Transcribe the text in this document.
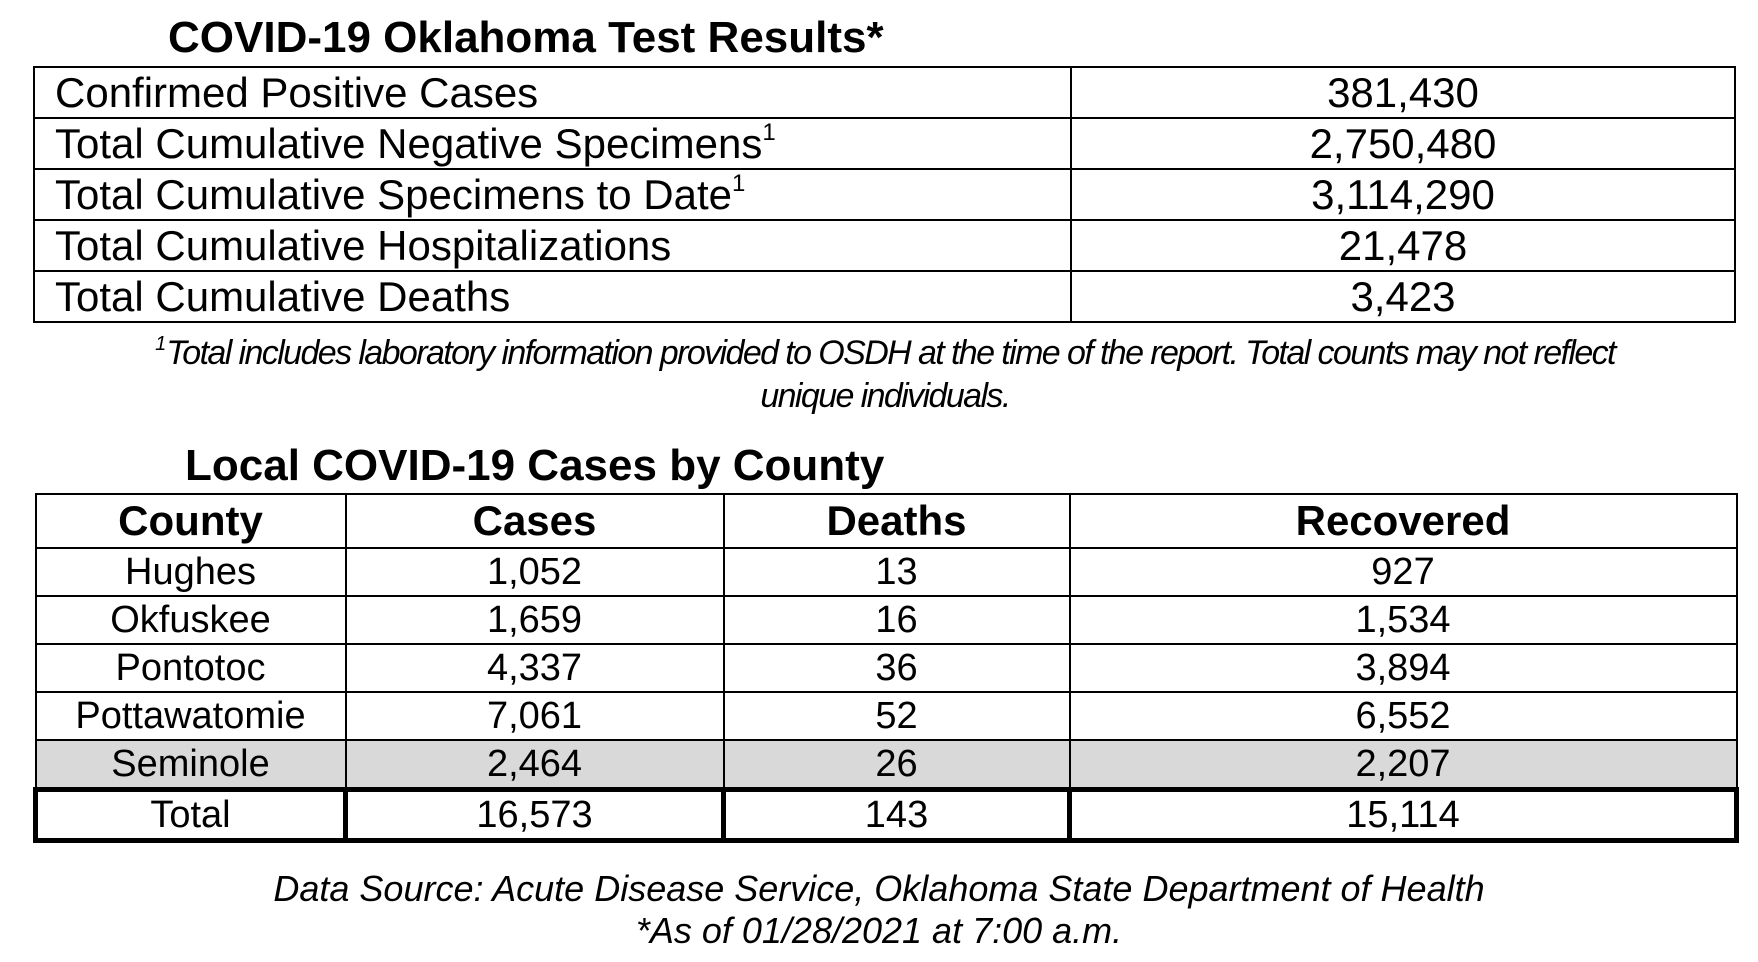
COVID-19 Oklahoma Test Results*
Confirmed Positive Cases	381,430
Total Cumulative Negative Specimens$^1$	2,750,480
Total Cumulative Specimens to Date$^1$	3,114,290
Total Cumulative Hospitalizations	21,478
Total Cumulative Deaths	3,423
$^1$Total includes laboratory information provided to OSDH at the time of the report. Total counts may not reflect
unique individuals.
Local COVID-19 Cases by County
County	Cases	Deaths	Recovered
Hughes	1,052	13	927
Okfuskee	1,659	16	1,534
Pontotoc	4,337	36	3,894
Pottawatomie	7,061	52	6,552
Seminole	2,464	26	2,207
Total	16,573	143	15,114
Data Source: Acute Disease Service, Oklahoma State Department of Health
*As of 01/28/2021 at 7:00 a.m.
